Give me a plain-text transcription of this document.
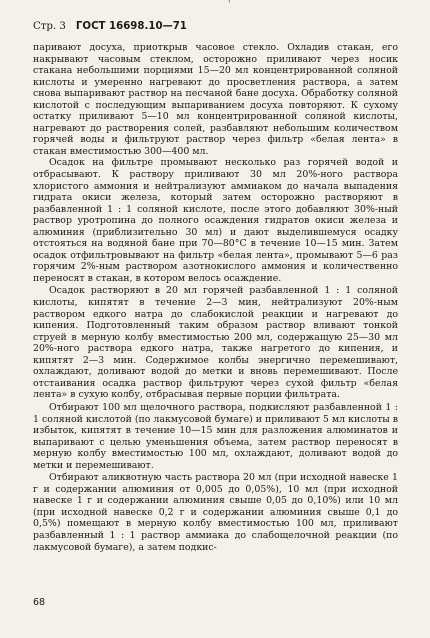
'
Стр. 3 ГОСТ 16698.10—71

паривают досуха, приоткрыв часовое стекло. Охладив стакан, его накрывают часовым стеклом, осторожно приливают через носик стакана небольшими порциями 15—20 мл концентрированной соляной кислоты и умеренно нагревают до просветления раствора, а затем снова выпаривают раствор на песчаной бане досуха. Обработку соляной кислотой с последующим выпариванием досуха повторяют. К сухому остатку приливают 5—10 мл концентрированной соляной кислоты, нагревают до растворения солей, разбавляют небольшим количеством горячей воды и фильтруют раствор через фильтр «белая лента» в стакан вместимостью 300—400 мл.

Осадок на фильтре промывают несколько раз горячей водой и отбрасывают. К раствору приливают 30 мл 20%-ного раствора хлористого аммония и нейтрализуют аммиаком до начала выпадения гидрата окиси железа, который затем осторожно растворяют в разбавленной 1 : 1 соляной кислоте, после этого добавляют 30%-ный раствор уротропина до полного осаждения гидратов окиси железа и алюминия (приблизительно 30 мл) и дают выделившемуся осадку отстояться на водяной бане при 70—80°С в течение 10—15 мин. Затем осадок отфильтровывают на фильтр «белая лента», промывают 5—6 раз горячим 2%-ным раствором азотнокислого аммония и количественно переносят в стакан, в котором велось осаждение.

Осадок растворяют в 20 мл горячей разбавленной 1 : 1 соляной кислоты, кипятят в течение 2—3 мин, нейтрализуют 20%-ным раствором едкого натра до слабокислой реакции и нагревают до кипения. Подготовленный таким образом раствор вливают тонкой струей в мерную колбу вместимостью 200 мл, содержащую 25—30 мл 20%-ного раствора едкого натра, также нагретого до кипения, и кипятят 2—3 мин. Содержимое колбы энергично перемешивают, охлаждают, доливают водой до метки и вновь перемешивают. После отстаивания осадка раствор фильтруют через сухой фильтр «белая лента» в сухую колбу, отбрасывая первые порции фильтрата.

Отбирают 100 мл щелочного раствора, подкисляют разбавленной 1 : 1 соляной кислотой (по лакмусовой бумаге) и приливают 5 мл кислоты в избыток, кипятят в течение 10—15 мин для разложения алюминатов и выпаривают с целью уменьшения объема, затем раствор переносят в мерную колбу вместимостью 100 мл, охлаждают, доливают водой до метки и перемешивают.

Отбирают аликвотную часть раствора 20 мл (при исходной навеске 1 г и содержании алюминия от 0,005 до 0,05%), 10 мл (при исходной навеске 1 г и содержании алюминия свыше 0,05 до 0,10%) или 10 мл (при исходной навеске 0,2 г и содержании алюминия свыше 0,1 до 0,5%) помещают в мерную колбу вместимостью 100 мл, приливают разбавленный 1 : 1 раствор аммиака до слабощелочной реакции (по лакмусовой бумаге), а затем подкис-

68
